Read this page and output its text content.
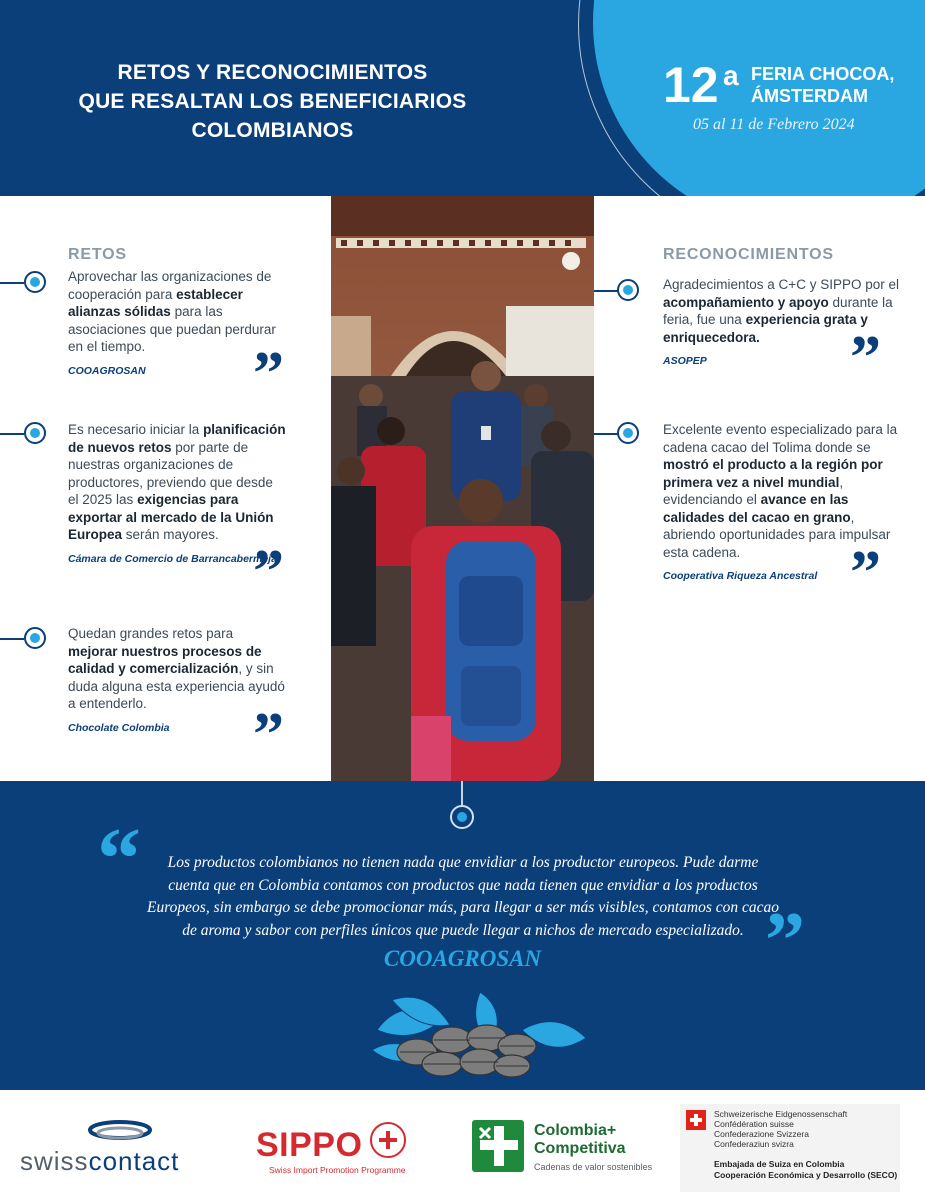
RETOS Y RECONOCIMIENTOS
QUE RESALTAN LOS BENEFICIARIOS
COLOMBIANOS
12 a FERIA CHOCOA,
ÁMSTERDAM
05 al 11 de Febrero 2024
RETOS
Aprovechar las organizaciones de cooperación para establecer alianzas sólidas para las asociaciones que puedan perdurar en el tiempo.
COOAGROSAN	”
Es necesario iniciar la planificación de nuevos retos por parte de nuestras organizaciones de productores, previendo que desde el 2025 las exigencias para exportar al mercado de la Unión Europea serán mayores.
Cámara de Comercio de Barrancabermeja
”
Quedan grandes retos para mejorar nuestros procesos de calidad y comercialización, y sin duda alguna esta experiencia ayudó a entenderlo.
Chocolate Colombia	”
RECONOCIMIENTOS
Agradecimientos a C+C y SIPPO por el acompañamiento y apoyo durante la feria, fue una experiencia grata y enriquecedora.
ASOPEP	”
Excelente evento especializado para la cadena cacao del Tolima donde se mostró el producto a la región por primera vez a nivel mundial, evidenciando el avance en las calidades del cacao en grano, abriendo oportunidades para impulsar esta cadena.
Cooperativa Riqueza Ancestral ”
“	Los productos colombianos no tienen nada que envidiar a los productor europeos. Pude darme
cuenta que en Colombia contamos con productos que nada tienen que envidiar a los productos
Europeos, sin embargo se debe promocionar más, para llegar a ser más visibles, contamos con cacao
de aroma y sabor con perfiles únicos que puede llegar a nichos de mercado especializado. ”
COOAGROSAN
swisscontact SIPPO
Swiss Import Promotion Programme
Colombia+
Competitiva
Cadenas de valor sostenibles
Schweizerische Eidgenossenschaft
Confédération suisse
Confederazione Svizzera
Confederaziun svizra
Embajada de Suiza en Colombia
Cooperación Económica y Desarrollo (SECO)
